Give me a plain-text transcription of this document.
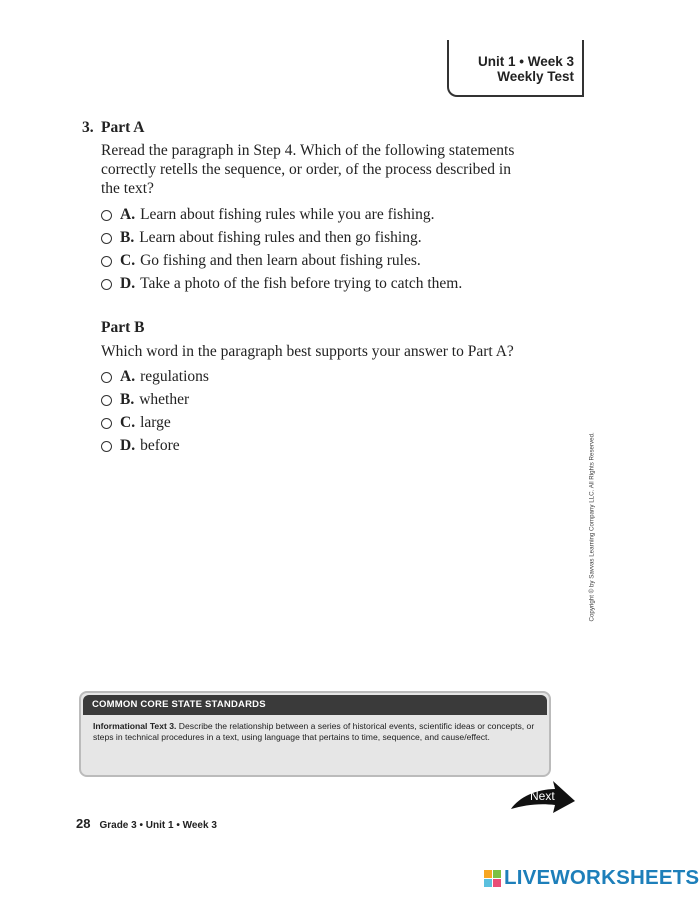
Unit 1 • Week 3
Weekly Test
3. Part A
Reread the paragraph in Step 4. Which of the following statements correctly retells the sequence, or order, of the process described in the text?
A. Learn about fishing rules while you are fishing.
B. Learn about fishing rules and then go fishing.
C. Go fishing and then learn about fishing rules.
D. Take a photo of the fish before trying to catch them.
Part B
Which word in the paragraph best supports your answer to Part A?
A. regulations
B. whether
C. large
D. before	Copyright © by Savvas Learning Company LLC. All Rights Reserved.
COMMON CORE STATE STANDARDS
Informational Text 3. Describe the relationship between a series of historical events, scientific ideas or concepts, or steps in technical procedures in a text, using language that pertains to time, sequence, and cause/effect.
Next
28 Grade 3 • Unit 1 • Week 3
LIVEWORKSHEETS
